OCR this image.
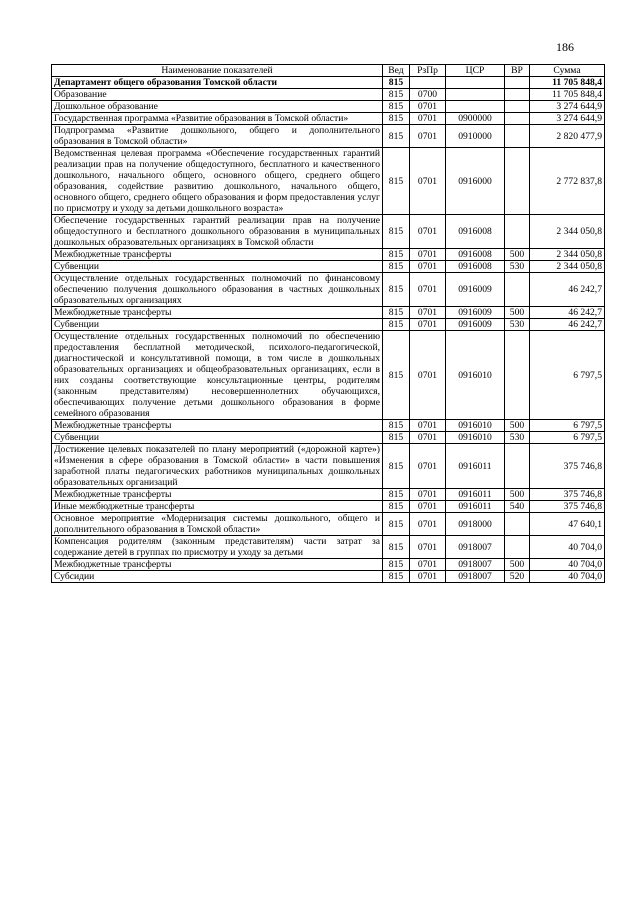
186
Наименование показателей	Вед	РзПр	ЦСР	ВР	Сумма
Департамент общего образования Томской области	815				11 705 848,4
Образование	815	0700			11 705 848,4
Дошкольное образование	815	0701			3 274 644,9
Государственная программа «Развитие образования в Томской области»	815	0701	0900000		3 274 644,9
Подпрограмма «Развитие дошкольного, общего и дополнительного образования в Томской области»	815	0701	0910000		2 820 477,9
Ведомственная целевая программа «Обеспечение государственных гарантий реализации прав на получение общедоступного, бесплатного и качественного дошкольного, начального общего, основного общего, среднего общего образования, содействие развитию дошкольного, начального общего, основного общего, среднего общего образования и форм предоставления услуг по присмотру и уходу за детьми дошкольного возраста»	815	0701	0916000		2 772 837,8
Обеспечение государственных гарантий реализации прав на получение общедоступного и бесплатного дошкольного образования в муниципальных дошкольных образовательных организациях в Томской области	815	0701	0916008		2 344 050,8
Межбюджетные трансферты	815	0701	0916008	500	2 344 050,8
Субвенции	815	0701	0916008	530	2 344 050,8
Осуществление отдельных государственных полномочий по финансовому обеспечению получения дошкольного образования в частных дошкольных образовательных организациях	815	0701	0916009		46 242,7
Межбюджетные трансферты	815	0701	0916009	500	46 242,7
Субвенции	815	0701	0916009	530	46 242,7
Осуществление отдельных государственных полномочий по обеспечению предоставления бесплатной методической, психолого-педагогической, диагностической и консультативной помощи, в том числе в дошкольных образовательных организациях и общеобразовательных организациях, если в них созданы соответствующие консультационные центры, родителям (законным представителям) несовершеннолетних обучающихся, обеспечивающих получение детьми дошкольного образования в форме семейного образования	815	0701	0916010		6 797,5
Межбюджетные трансферты	815	0701	0916010	500	6 797,5
Субвенции	815	0701	0916010	530	6 797,5
Достижение целевых показателей по плану мероприятий («дорожной карте») «Изменения в сфере образования в Томской области» в части повышения заработной платы педагогических работников муниципальных дошкольных образовательных организаций	815	0701	0916011		375 746,8
Межбюджетные трансферты	815	0701	0916011	500	375 746,8
Иные межбюджетные трансферты	815	0701	0916011	540	375 746,8
Основное мероприятие «Модернизация системы дошкольного, общего и дополнительного образования в Томской области»	815	0701	0918000		47 640,1
Компенсация родителям (законным представителям) части затрат за содержание детей в группах по присмотру и уходу за детьми	815	0701	0918007		40 704,0
Межбюджетные трансферты	815	0701	0918007	500	40 704,0
Субсидии	815	0701	0918007	520	40 704,0
